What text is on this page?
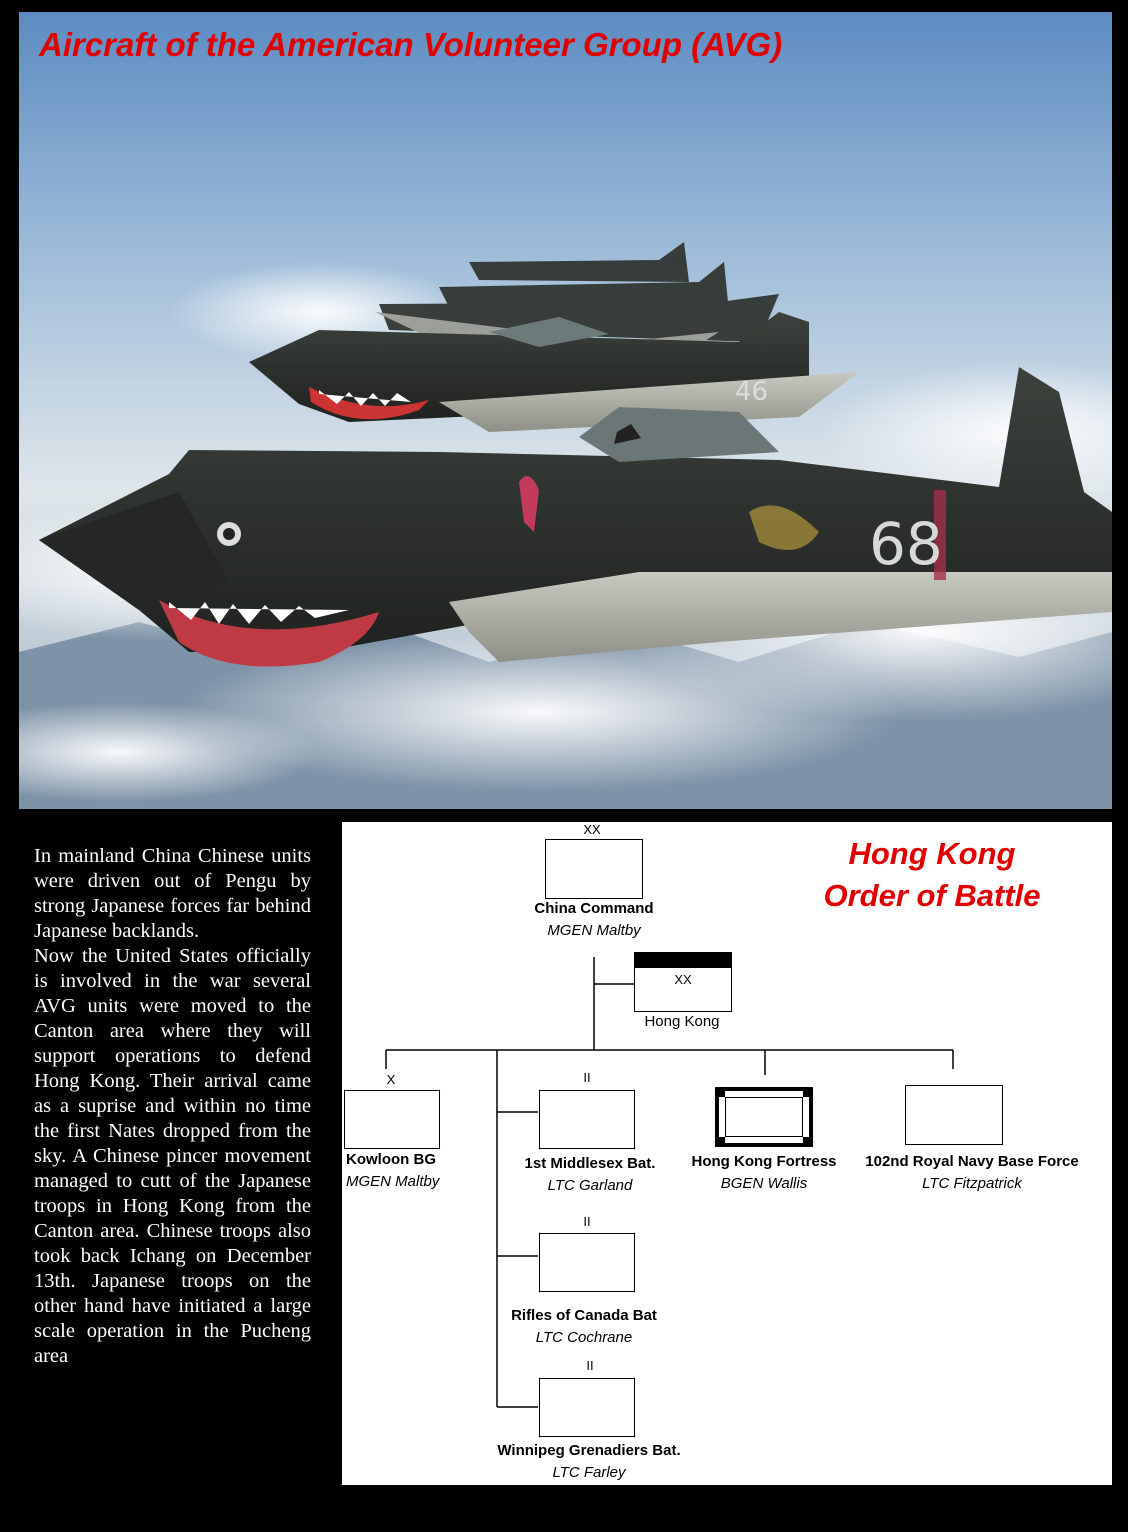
46
68
Aircraft of the American Volunteer Group (AVG)

In mainland China Chinese units were driven out of Pengu by strong Japanese forces far behind Japanese backlands.

Now the United States officially is involved in the war several AVG units were moved to the Canton area where they will support operations to defend Hong Kong. Their arrival came as a suprise and within no time the first Nates dropped from the sky. A Chinese pincer movement managed to cutt of the Japanese troops in Hong Kong from the Canton area. Chinese troops also took back Ichang on December 13th. Japanese troops on the other hand have initiated a large scale operation in the Pucheng area

Hong Kong
Order of Battle
XX
China Command
MGEN Maltby
XX
Hong Kong
X
Kowloon BG
MGEN Maltby
II
1st Middlesex Bat.
LTC Garland
Hong Kong Fortress
BGEN Wallis
102nd Royal Navy Base Force
LTC Fitzpatrick
II
Rifles of Canada Bat
LTC Cochrane
II
Winnipeg Grenadiers Bat.
LTC Farley
